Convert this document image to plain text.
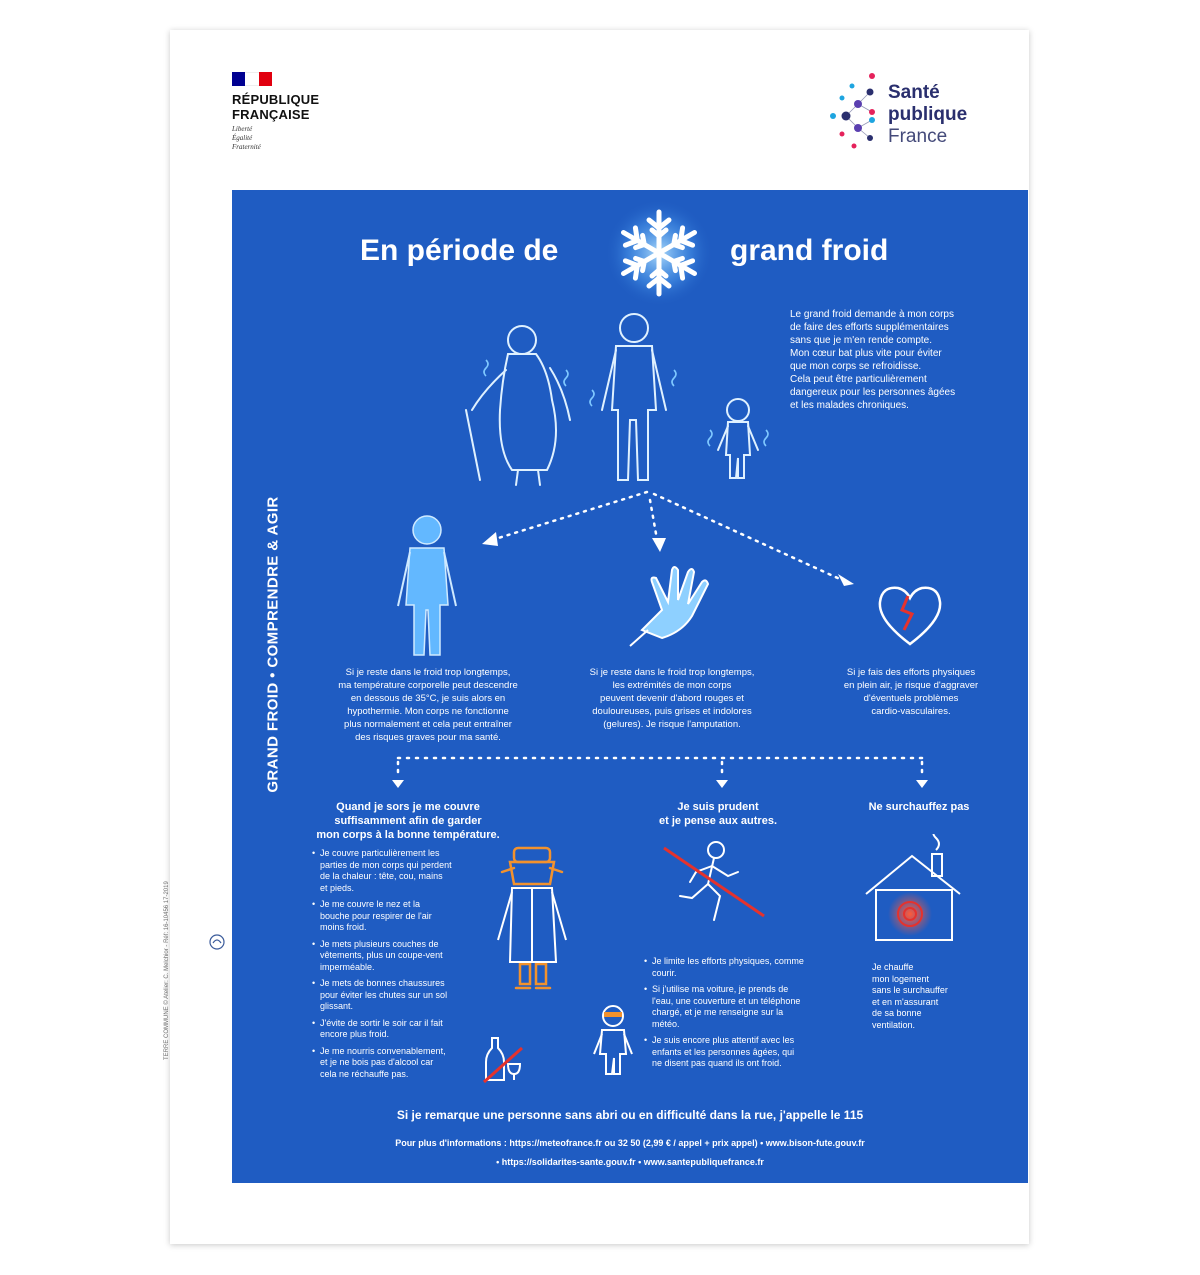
RÉPUBLIQUE
FRANÇAISE
Liberté
Égalité
Fraternité
Santé
publique
France
GRAND FROID • COMPRENDRE & AGIR
En période de	grand froid
Le grand froid demande à mon corps
de faire des efforts supplémentaires
sans que je m'en rende compte.
Mon cœur bat plus vite pour éviter
que mon corps se refroidisse.
Cela peut être particulièrement
dangereux pour les personnes âgées
et les malades chroniques.
Si je reste dans le froid trop longtemps,
ma température corporelle peut descendre
en dessous de 35°C, je suis alors en
hypothermie. Mon corps ne fonctionne
plus normalement et cela peut entraîner
des risques graves pour ma santé.
Si je reste dans le froid trop longtemps,
les extrémités de mon corps
peuvent devenir d'abord rouges et
douloureuses, puis grises et indolores
(gelures). Je risque l'amputation.
Si je fais des efforts physiques
en plein air, je risque d'aggraver
d'éventuels problèmes
cardio-vasculaires.
Quand je sors je me couvre
suffisamment afin de garder
mon corps à la bonne température.
Je suis prudent
et je pense aux autres.
Ne surchauffez pas
• Je couvre particulièrement les parties de mon corps qui perdent de la chaleur : tête, cou, mains et pieds.
• Je me couvre le nez et la bouche pour respirer de l'air moins froid.
• Je mets plusieurs couches de vêtements, plus un coupe-vent imperméable.
• Je mets de bonnes chaussures pour éviter les chutes sur un sol glissant.
• J'évite de sortir le soir car il fait encore plus froid.
• Je me nourris convenablement, et je ne bois pas d'alcool car cela ne réchauffe pas.
• Je limite les efforts physiques, comme courir.
• Si j'utilise ma voiture, je prends de l'eau, une couverture et un téléphone chargé, et je me renseigne sur la météo.
• Je suis encore plus attentif avec les enfants et les personnes âgées, qui ne disent pas quand ils ont froid.
Je chauffe
mon logement
sans le surchauffer
et en m'assurant
de sa bonne
ventilation.
Si je remarque une personne sans abri ou en difficulté dans la rue, j'appelle le 115
Pour plus d'informations : https://meteofrance.fr ou 32 50 (2,99 € / appel + prix appel) • www.bison-fute.gouv.fr
• https://solidarites-sante.gouv.fr • www.santepubliquefrance.fr
TERRE COMMUNE © Atelier: C. Melchior - Réf: 16-10456 17-2019
